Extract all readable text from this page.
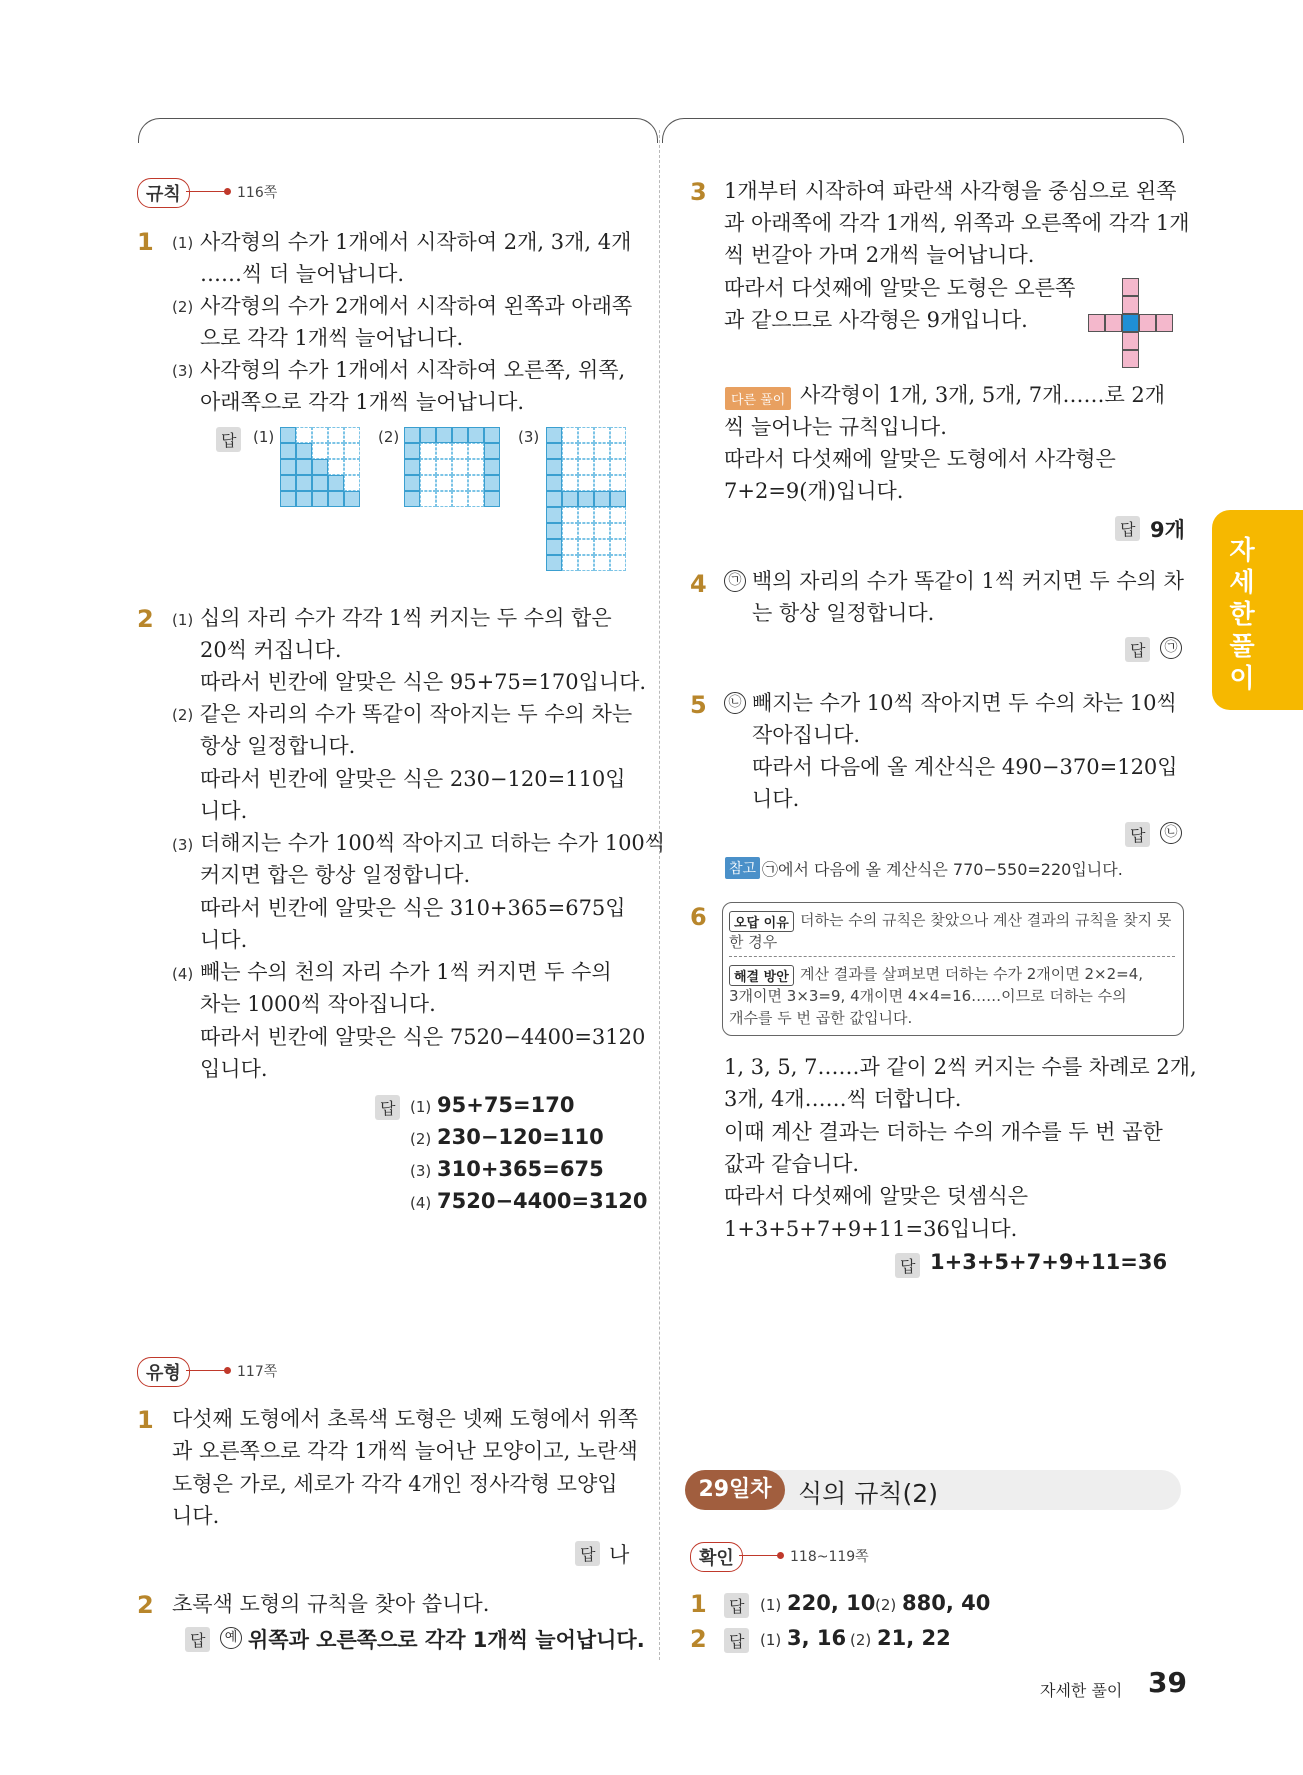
자
세
한
풀
이
규칙	116쪽
1 (1) 사각형의 수가 1개에서 시작하여 2개, 3개, 4개
……씩 더 늘어납니다.
(2) 사각형의 수가 2개에서 시작하여 왼쪽과 아래쪽
으로 각각 1개씩 늘어납니다.
(3) 사각형의 수가 1개에서 시작하여 오른쪽, 위쪽,
아래쪽으로 각각 1개씩 늘어납니다.
답	(1)	(2)	(3)
2 (1) 십의 자리 수가 각각 1씩 커지는 두 수의 합은
20씩 커집니다.
따라서 빈칸에 알맞은 식은 95+75=170입니다.
(2) 같은 자리의 수가 똑같이 작아지는 두 수의 차는
항상 일정합니다.
따라서 빈칸에 알맞은 식은 230−120=110입
니다.
(3) 더해지는 수가 100씩 작아지고 더하는 수가 100씩
커지면 합은 항상 일정합니다.
따라서 빈칸에 알맞은 식은 310+365=675입
니다.
(4) 빼는 수의 천의 자리 수가 1씩 커지면 두 수의
차는 1000씩 작아집니다.
따라서 빈칸에 알맞은 식은 7520−4400=3120
입니다.
답 (1) 95+75=170
(2) 230−120=110
(3) 310+365=675
(4) 7520−4400=3120
유형	117쪽
1 다섯째 도형에서 초록색 도형은 넷째 도형에서 위쪽
과 오른쪽으로 각각 1개씩 늘어난 모양이고, 노란색
도형은 가로, 세로가 각각 4개인 정사각형 모양입
니다.
답 나
2 초록색 도형의 규칙을 찾아 씁니다.
답	예 위쪽과 오른쪽으로 각각 1개씩 늘어납니다.
3 1개부터 시작하여 파란색 사각형을 중심으로 왼쪽
과 아래쪽에 각각 1개씩, 위쪽과 오른쪽에 각각 1개
씩 번갈아 가며 2개씩 늘어납니다.
따라서 다섯째에 알맞은 도형은 오른쪽
과 같으므로 사각형은 9개입니다.
다른 풀이 사각형이 1개, 3개, 5개, 7개……로 2개
씩 늘어나는 규칙입니다.
따라서 다섯째에 알맞은 도형에서 사각형은
7+2=9(개)입니다.
답 9개
4	㉠ 백의 자리의 수가 똑같이 1씩 커지면 두 수의 차
는 항상 일정합니다.
답	㉠
5	㉡ 빼지는 수가 10씩 작아지면 두 수의 차는 10씩
작아집니다.
따라서 다음에 올 계산식은 490−370=120입
니다.
답	㉡
참고 ㉠에서 다음에 올 계산식은 770−550=220입니다.
6	오답 이유 더하는 수의 규칙은 찾았으나 계산 결과의 규칙을 찾지 못
한 경우
해결 방안 계산 결과를 살펴보면 더하는 수가 2개이면 2×2=4,
3개이면 3×3=9, 4개이면 4×4=16……이므로 더하는 수의
개수를 두 번 곱한 값입니다.
1, 3, 5, 7……과 같이 2씩 커지는 수를 차례로 2개,
3개, 4개……씩 더합니다.
이때 계산 결과는 더하는 수의 개수를 두 번 곱한
값과 같습니다.
따라서 다섯째에 알맞은 덧셈식은
1+3+5+7+9+11=36입니다.
답 1+3+5+7+9+11=36
29일차	식의 규칙(2)
확인	118~119쪽
1	답	(1) 220, 10 (2) 880, 40
2	답	(1) 3, 16 (2) 21, 22
자세한 풀이 39
